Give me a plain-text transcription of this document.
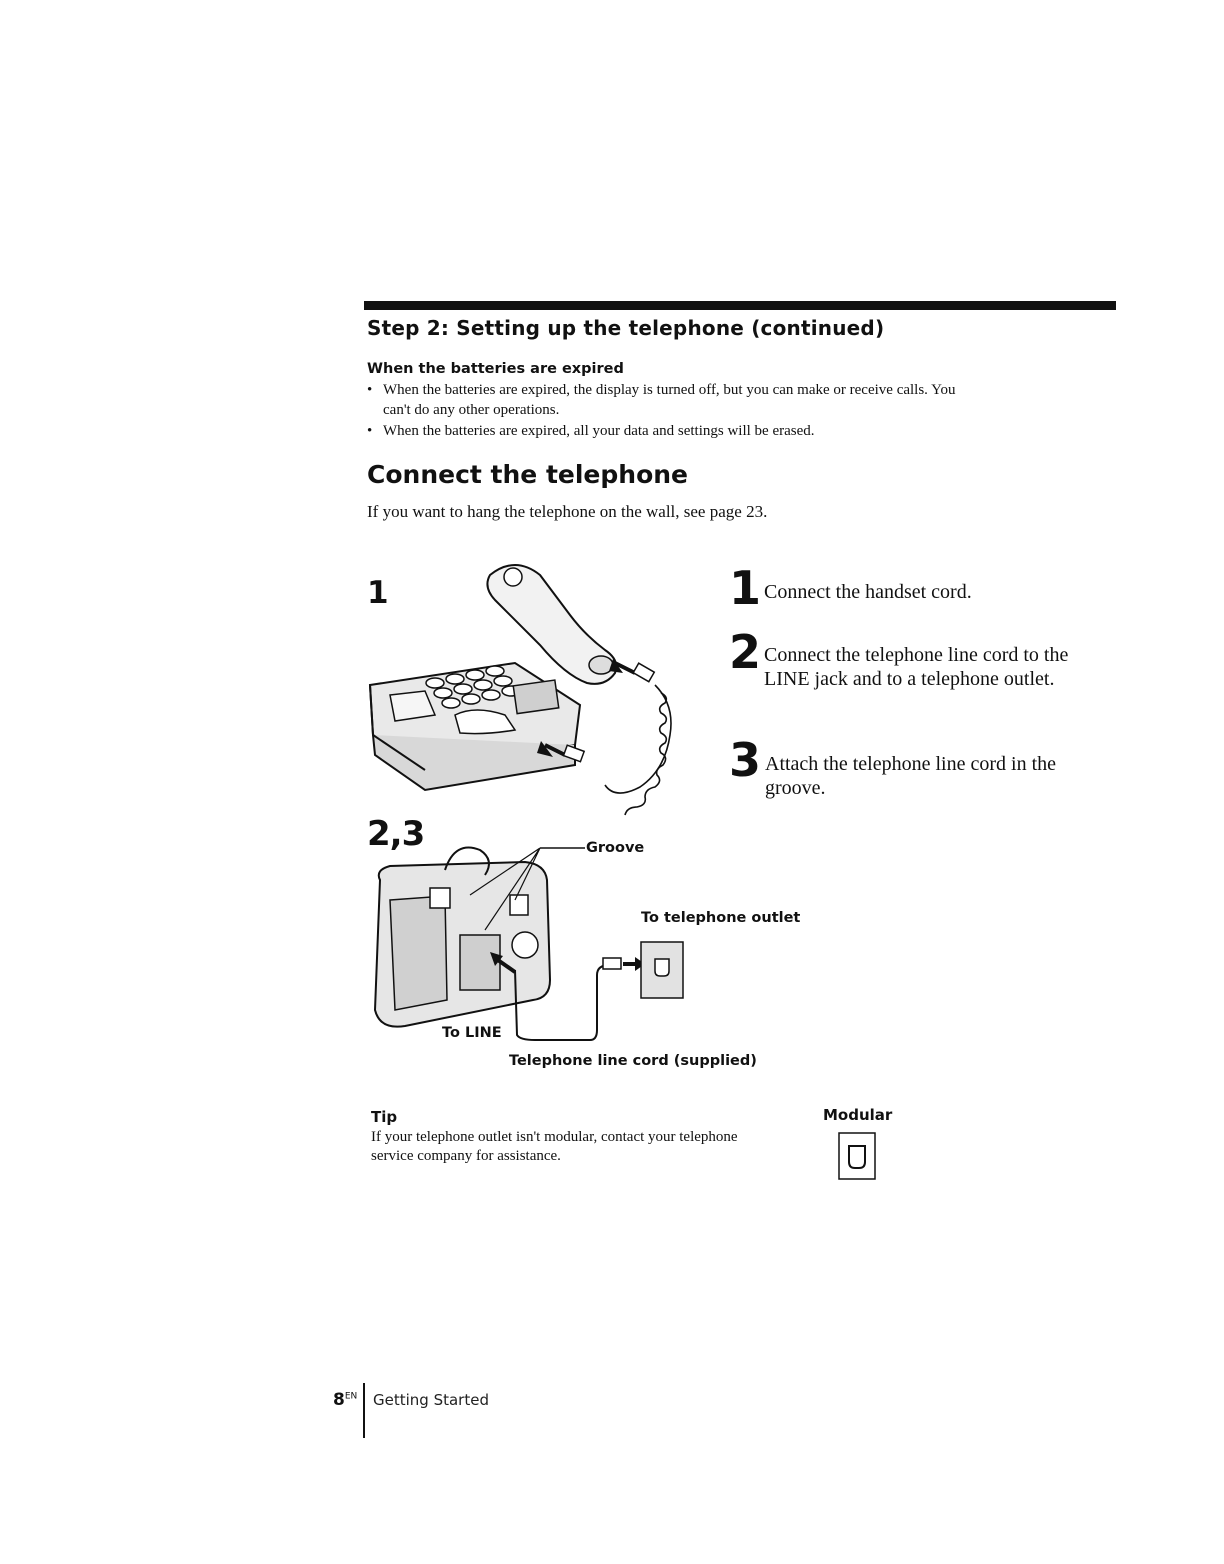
Step 2: Setting up the telephone (continued)
When the batteries are expired
• When the batteries are expired, the display is turned off, but you can make or receive calls. You can't do any other operations.
• When the batteries are expired, all your data and settings will be erased.
Connect the telephone
If you want to hang the telephone on the wall, see page 23.
1	1 Connect the handset cord.
2 Connect the telephone line cord to the LINE jack and to a telephone outlet.
3 Attach the telephone line cord in the groove.
2,3	Groove
To telephone outlet
To LINE
Telephone line cord (supplied)
Tip
If your telephone outlet isn't modular, contact your telephone service company for assistance.
Modular
$8^{EN}$ Getting Started
